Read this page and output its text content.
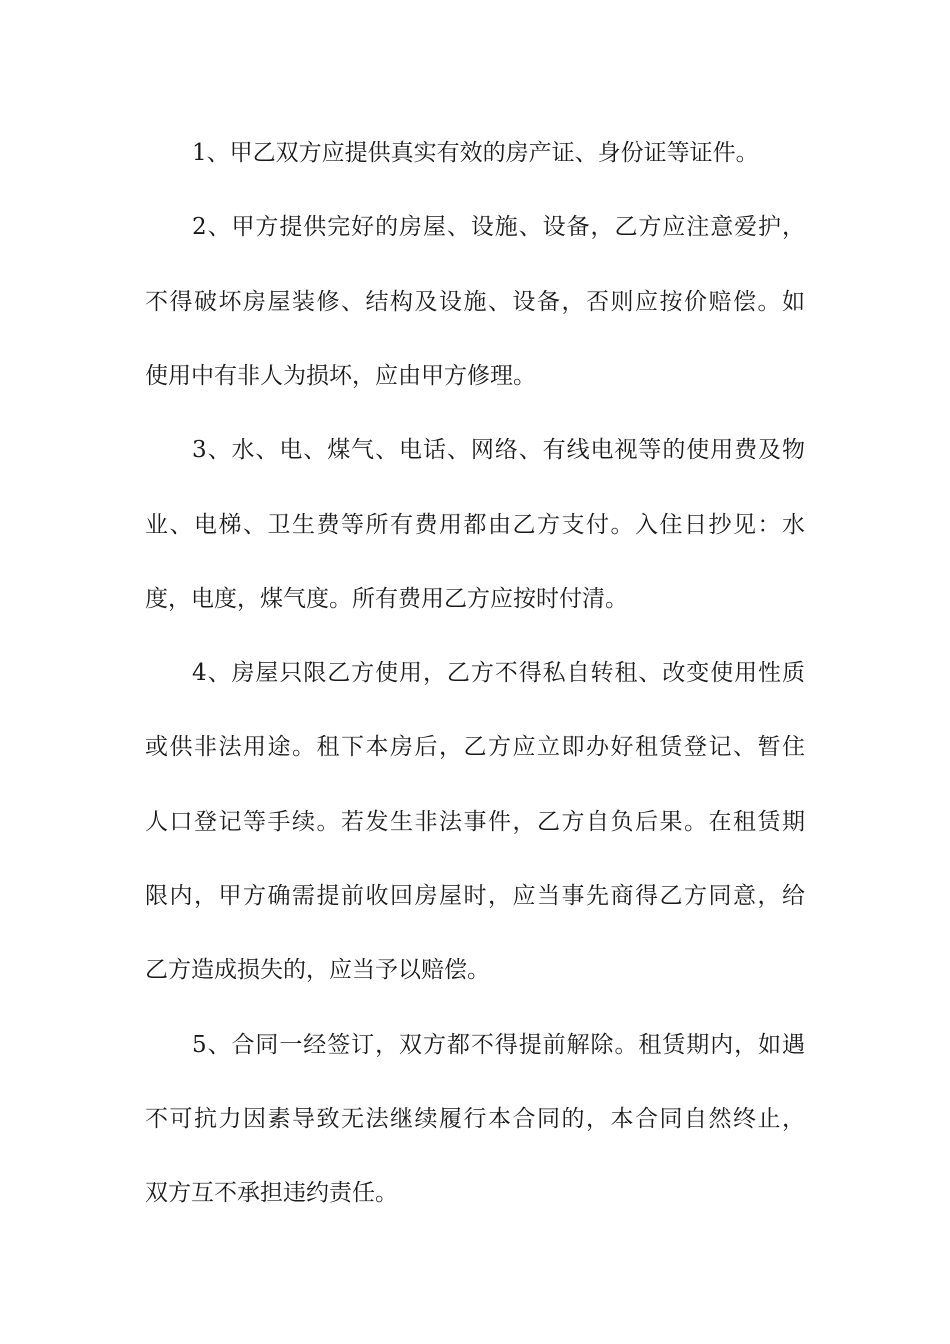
1、甲乙双方应提供真实有效的房产证、身份证等证件。
2、甲方提供完好的房屋、设施、设备，乙方应注意爱护，
不得破坏房屋装修、结构及设施、设备，否则应按价赔偿。如
使用中有非人为损坏，应由甲方修理。
3、水、电、煤气、电话、网络、有线电视等的使用费及物
业、电梯、卫生费等所有费用都由乙方支付。入住日抄见：水
度，电度，煤气度。所有费用乙方应按时付清。
4、房屋只限乙方使用，乙方不得私自转租、改变使用性质
或供非法用途。租下本房后，乙方应立即办好租赁登记、暂住
人口登记等手续。若发生非法事件，乙方自负后果。在租赁期
限内，甲方确需提前收回房屋时，应当事先商得乙方同意，给
乙方造成损失的，应当予以赔偿。
5、合同一经签订，双方都不得提前解除。租赁期内，如遇
不可抗力因素导致无法继续履行本合同的，本合同自然终止，
双方互不承担违约责任。
